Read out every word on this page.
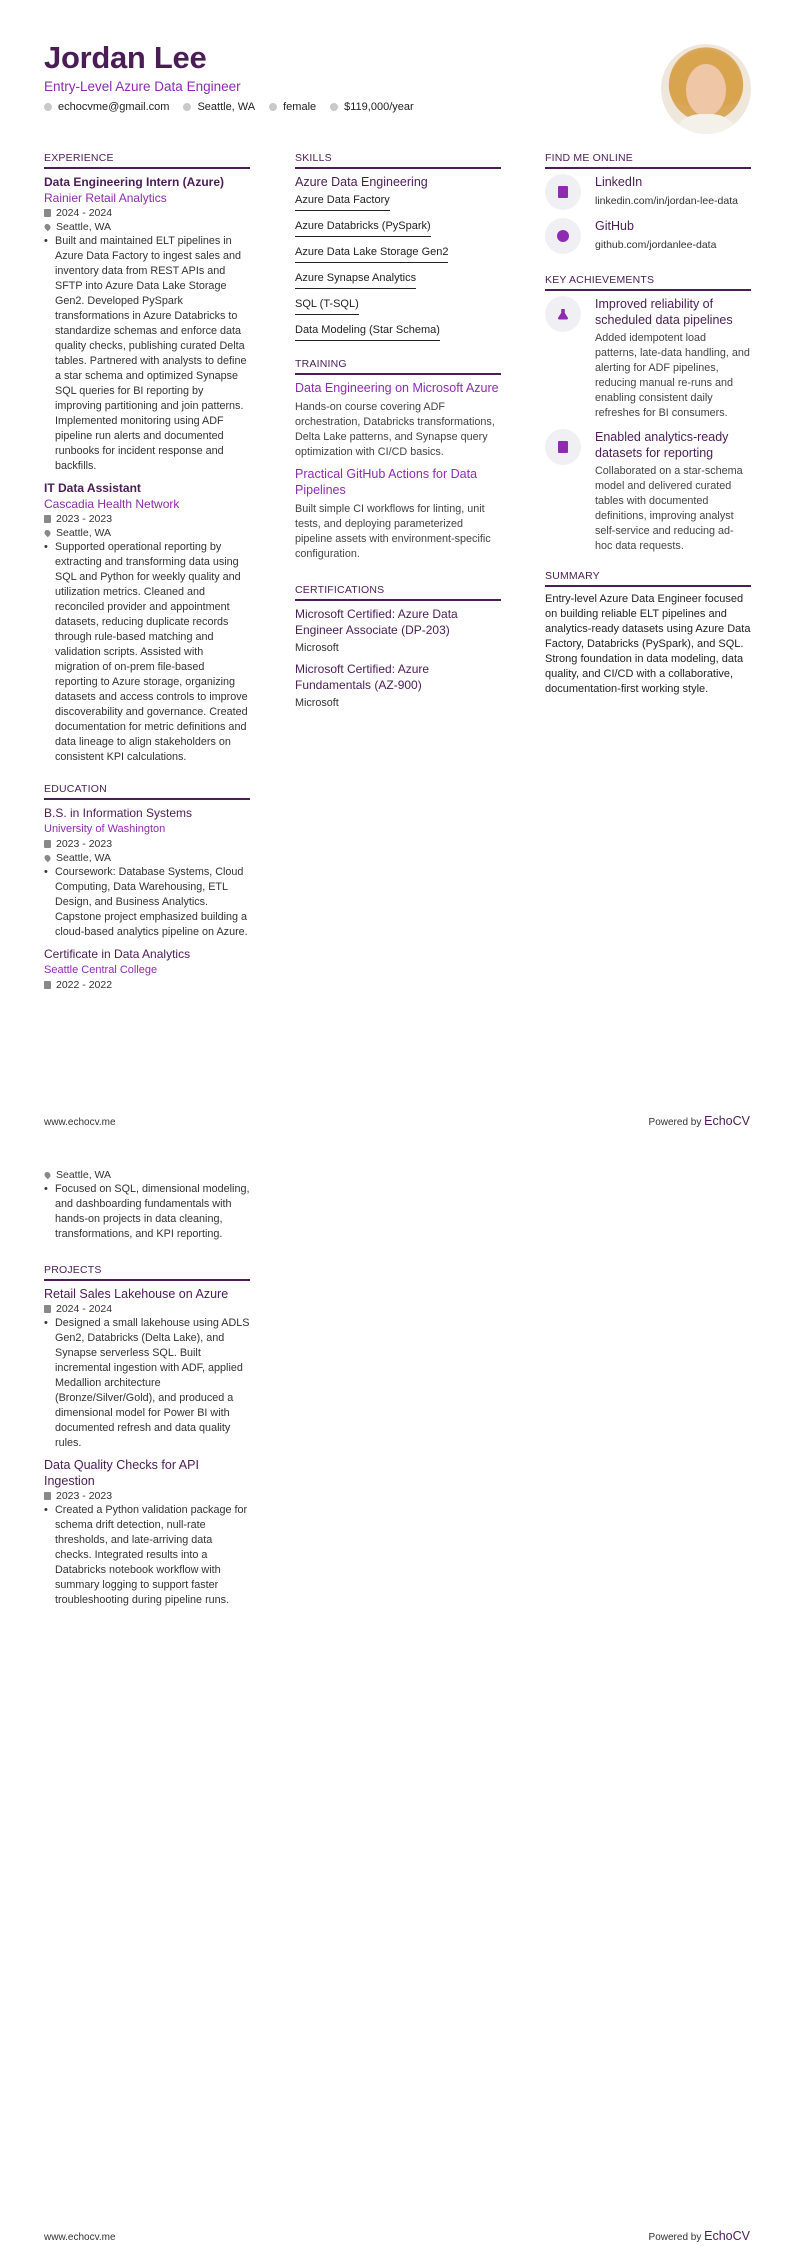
Jordan Lee
Entry-Level Azure Data Engineer
echocvme@gmail.com	Seattle, WA	female	$119,000/year
EXPERIENCE
Data Engineering Intern (Azure)
Rainier Retail Analytics
2024 - 2024
Seattle, WA
• Built and maintained ELT pipelines in Azure Data Factory to ingest sales and inventory data from REST APIs and SFTP into Azure Data Lake Storage Gen2. Developed PySpark transformations in Azure Databricks to standardize schemas and enforce data quality checks, publishing curated Delta tables. Partnered with analysts to define a star schema and optimized Synapse SQL queries for BI reporting by improving partitioning and join patterns. Implemented monitoring using ADF pipeline run alerts and documented runbooks for incident response and backfills.
IT Data Assistant
Cascadia Health Network
2023 - 2023
Seattle, WA
• Supported operational reporting by extracting and transforming data using SQL and Python for weekly quality and utilization metrics. Cleaned and reconciled provider and appointment datasets, reducing duplicate records through rule-based matching and validation scripts. Assisted with migration of on-prem file-based reporting to Azure storage, organizing datasets and access controls to improve discoverability and governance. Created documentation for metric definitions and data lineage to align stakeholders on consistent KPI calculations.
EDUCATION
B.S. in Information Systems
University of Washington
2023 - 2023
Seattle, WA
• Coursework: Database Systems, Cloud Computing, Data Warehousing, ETL Design, and Business Analytics. Capstone project emphasized building a cloud-based analytics pipeline on Azure.
Certificate in Data Analytics
Seattle Central College
2022 - 2022
SKILLS
Azure Data Engineering
Azure Data Factory
Azure Databricks (PySpark)
Azure Data Lake Storage Gen2
Azure Synapse Analytics
SQL (T-SQL)
Data Modeling (Star Schema)
TRAINING
Data Engineering on Microsoft Azure
Hands-on course covering ADF orchestration, Databricks transformations, Delta Lake patterns, and Synapse query optimization with CI/CD basics.
Practical GitHub Actions for Data Pipelines
Built simple CI workflows for linting, unit tests, and deploying parameterized pipeline assets with environment-specific configuration.
CERTIFICATIONS
Microsoft Certified: Azure Data Engineer Associate (DP-203)
Microsoft
Microsoft Certified: Azure Fundamentals (AZ-900)
Microsoft
FIND ME ONLINE
LinkedIn
linkedin.com/in/jordan-lee-data
GitHub
github.com/jordanlee-data
KEY ACHIEVEMENTS
Improved reliability of scheduled data pipelines
Added idempotent load patterns, late-data handling, and alerting for ADF pipelines, reducing manual re-runs and enabling consistent daily refreshes for BI consumers.
Enabled analytics-ready datasets for reporting
Collaborated on a star-schema model and delivered curated tables with documented definitions, improving analyst self-service and reducing ad-hoc data requests.
SUMMARY
Entry-level Azure Data Engineer focused on building reliable ELT pipelines and analytics-ready datasets using Azure Data Factory, Databricks (PySpark), and SQL. Strong foundation in data modeling, data quality, and CI/CD with a collaborative, documentation-first working style.
www.echocv.me	Powered by EchoCV
Seattle, WA
• Focused on SQL, dimensional modeling, and dashboarding fundamentals with hands-on projects in data cleaning, transformations, and KPI reporting.
PROJECTS
Retail Sales Lakehouse on Azure
2024 - 2024
• Designed a small lakehouse using ADLS Gen2, Databricks (Delta Lake), and Synapse serverless SQL. Built incremental ingestion with ADF, applied Medallion architecture (Bronze/Silver/Gold), and produced a dimensional model for Power BI with documented refresh and data quality rules.
Data Quality Checks for API Ingestion
2023 - 2023
• Created a Python validation package for schema drift detection, null-rate thresholds, and late-arriving data checks. Integrated results into a Databricks notebook workflow with summary logging to support faster troubleshooting during pipeline runs.
www.echocv.me	Powered by EchoCV
